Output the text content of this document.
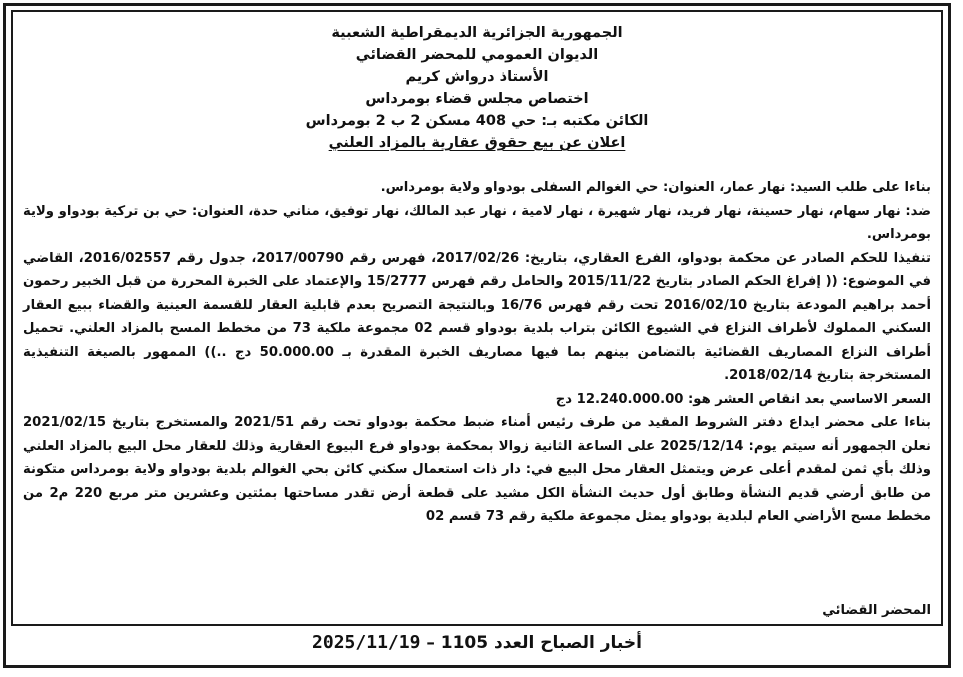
الجمهورية الجزائرية الديمقراطية الشعبية
الديوان العمومي للمحضر القضائي
الأستاذ درواش كريم
اختصاص مجلس قضاء بومرداس
الكائن مكتبه بـ: حي 408 مسكن 2 ب 2 بومرداس
اعلان عن بيع حقوق عقارية بالمزاد العلني

بناءا على طلب السيد: نهار عمار، العنوان: حي الغوالم السفلى بودواو ولاية بومرداس.

ضد: نهار سهام، نهار حسينة، نهار فريد، نهار شهيرة ، نهار لامية ، نهار عبد المالك، نهار توفيق، مناني حدة، العنوان: حي بن تركية بودواو ولاية بومرداس.

تنفيذا للحكم الصادر عن محكمة بودواو، الفرع العقاري، بتاريخ: 2017/02/26، فهرس رقم 2017/00790، جدول رقم 2016/02557، القاضي في الموضوع: (( إفراغ الحكم الصادر بتاريخ 2015/11/22 والحامل رقم فهرس 15/2777 والإعتماد على الخبرة المحررة من قبل الخبير رحمون أحمد براهيم المودعة بتاريخ 2016/02/10 تحت رقم فهرس 16/76 وبالنتيجة التصريح بعدم قابلية العقار للقسمة العينية والقضاء ببيع العقار السكني المملوك لأطراف النزاع في الشيوع الكائن بتراب بلدية بودواو قسم 02 مجموعة ملكية 73 من مخطط المسح بالمزاد العلني. تحميل أطراف النزاع المصاريف القضائية بالتضامن بينهم بما فيها مصاريف الخبرة المقدرة بـ 50.000.00 دج ..)) الممهور بالصيغة التنفيذية المستخرجة بتاريخ 2018/02/14.

السعر الاساسي بعد انقاص العشر هو: 12.240.000.00 دج

بناءا على محضر ايداع دفتر الشروط المقيد من طرف رئيس أمناء ضبط محكمة بودواو تحت رقم 2021/51 والمستخرج بتاريخ 2021/02/15 نعلن الجمهور أنه سيتم يوم: 2025/12/14 على الساعة الثانية زوالا بمحكمة بودواو فرع البيوع العقارية وذلك للعقار محل البيع بالمزاد العلني وذلك بأي ثمن لمقدم أعلى عرض ويتمثل العقار محل البيع في: دار ذات استعمال سكني كائن بحي الغوالم بلدية بودواو ولاية بومرداس متكونة من طابق أرضي قديم النشأة وطابق أول حديث النشأة الكل مشيد على قطعة أرض تقدر مساحتها بمئتين وعشرين متر مربع 220 م2 من مخطط مسح الأراضي العام لبلدية بودواو يمثل مجموعة ملكية رقم 73 قسم 02

المحضر القضائي
أخبار الصباح العدد 1105 – 2025/11/19
